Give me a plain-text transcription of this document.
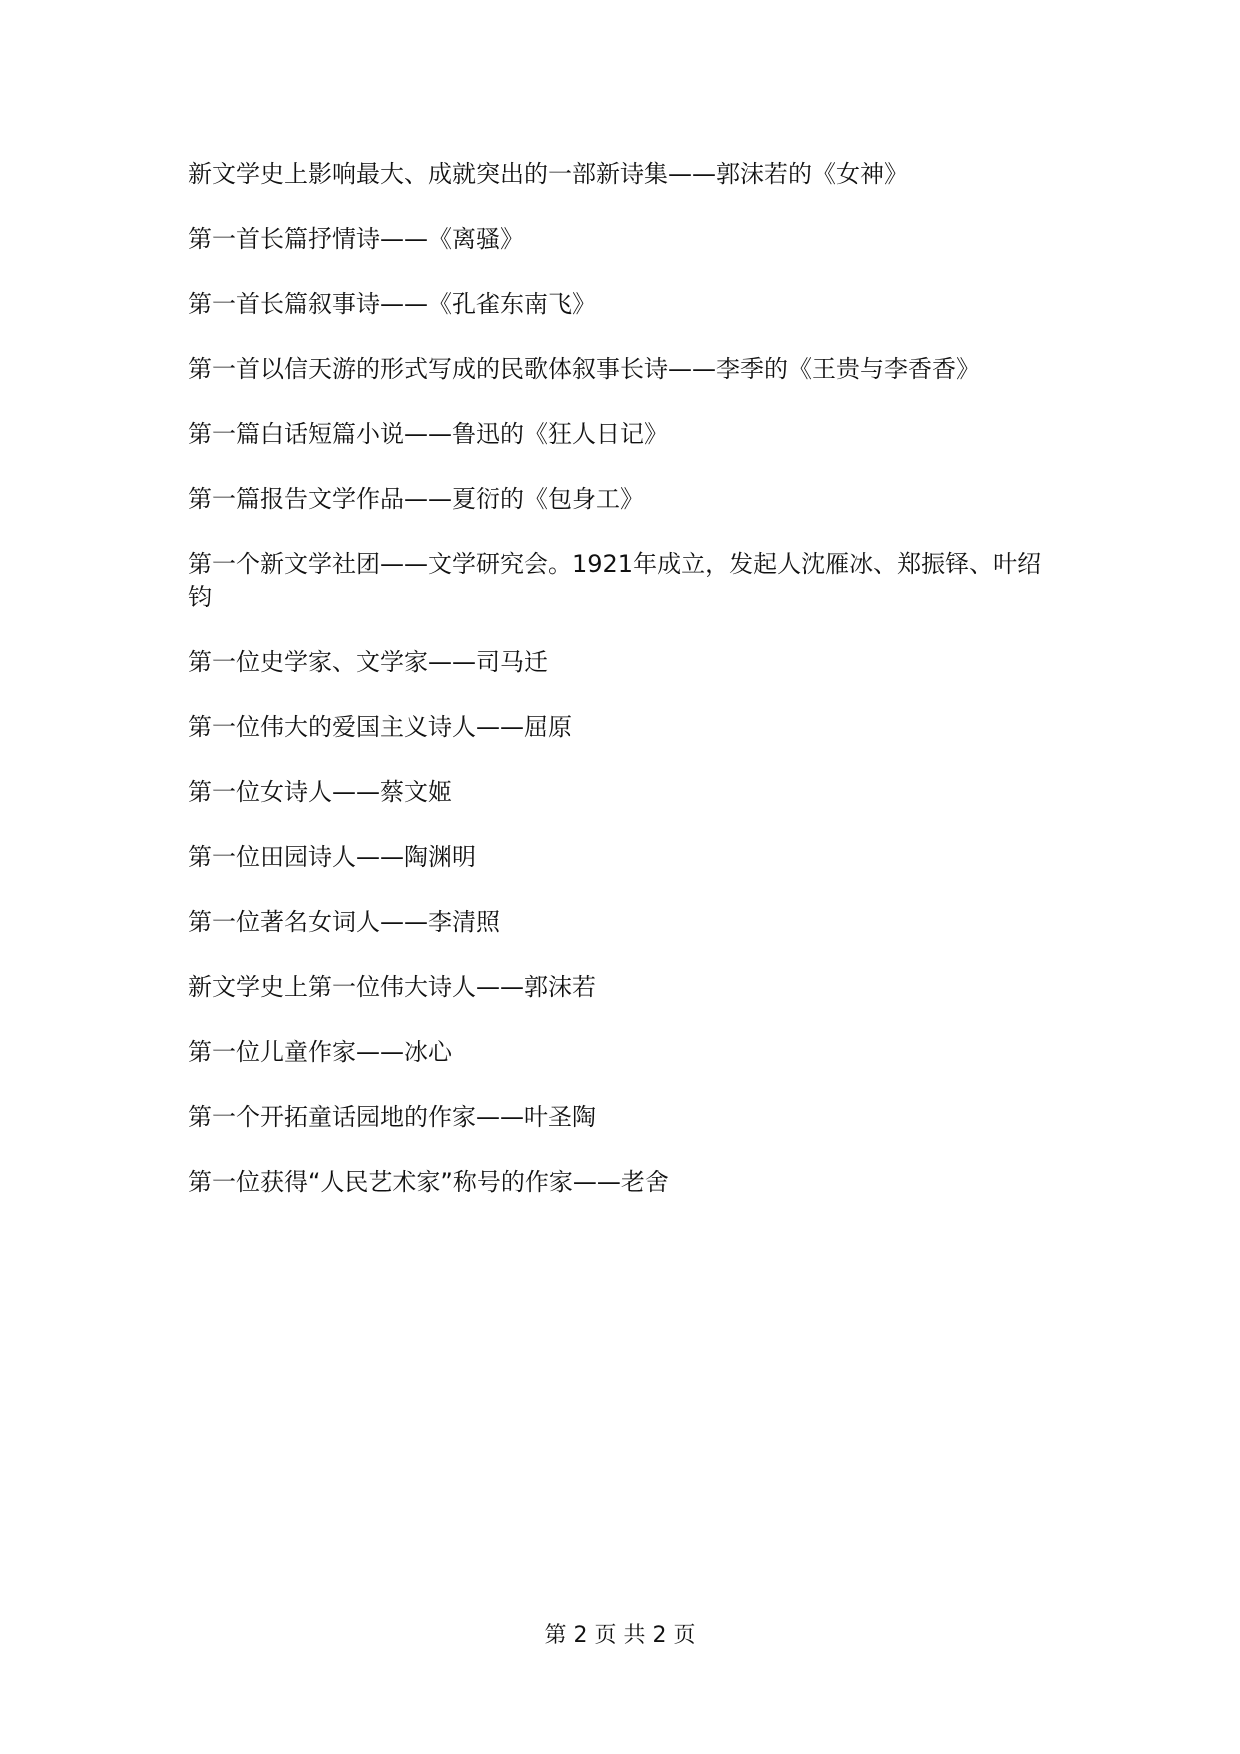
新文学史上影响最大、成就突出的一部新诗集——郭沫若的《女神》

第一首长篇抒情诗——《离骚》

第一首长篇叙事诗——《孔雀东南飞》

第一首以信天游的形式写成的民歌体叙事长诗——李季的《王贵与李香香》

第一篇白话短篇小说——鲁迅的《狂人日记》

第一篇报告文学作品——夏衍的《包身工》

第一个新文学社团——文学研究会。1921年成立，发起人沈雁冰、郑振铎、叶绍钧

第一位史学家、文学家——司马迁

第一位伟大的爱国主义诗人——屈原

第一位女诗人——蔡文姬

第一位田园诗人——陶渊明

第一位著名女词人——李清照

新文学史上第一位伟大诗人——郭沫若

第一位儿童作家——冰心

第一个开拓童话园地的作家——叶圣陶

第一位获得“人民艺术家”称号的作家——老舍

第 2 页 共 2 页
